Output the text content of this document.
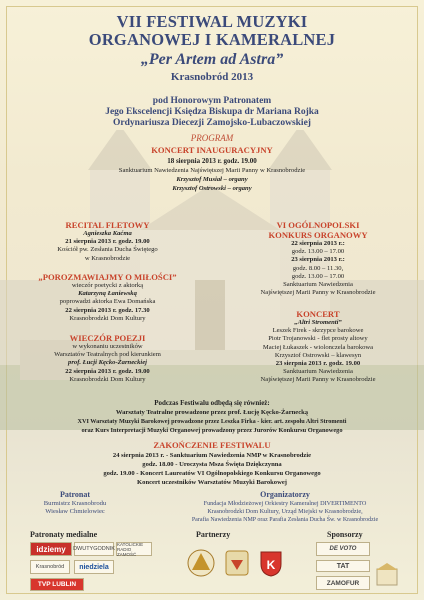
VII FESTIWAL MUZYKI
ORGANOWEJ I KAMERALNEJ
„Per Artem ad Astra”
Krasnobród 2013
pod Honorowym Patronatem
Jego Ekscelencji Księdza Biskupa dr Mariana Rojka
Ordynariusza Diecezji Zamojsko-Lubaczowskiej
PROGRAM
KONCERT INAUGURACYJNY
18 sierpnia 2013 r. godz. 19.00
Sanktuarium Nawiedzenia Najświętszej Marii Panny w Krasnobrodzie
Krzysztof Musiał – organy
Krzysztof Ostrowski – organy
RECITAL FLETOWY
Agnieszka Kaćma
21 sierpnia 2013 r. godz. 19.00
Kościół pw. Zesłania Ducha Świętego
w Krasnobrodzie
„POROZMAWIAJMY O MIŁOŚCI”
wieczór poetycki z aktorką
Katarzyną Łaniewską
poprowadzi aktorka Ewa Domańska
22 sierpnia 2013 r. godz. 17.30
Krasnobrodzki Dom Kultury
WIECZÓR POEZJI
w wykonaniu uczestników
Warsztatów Teatralnych pod kierunkiem
prof. Łucji Kęcko-Żarneckiej
22 sierpnia 2013 r. godz. 19.00
Krasnobrodzki Dom Kultury
VI OGÓLNOPOLSKI
KONKURS ORGANOWY
22 sierpnia 2013 r.:
godz. 13.00 – 17.00
23 sierpnia 2013 r.:
godz. 8.00 – 11.30,
godz. 13.00 – 17.00
Sanktuarium Nawiedzenia
Najświętszej Marii Panny w Krasnobrodzie
KONCERT
„Altri Stromenti”
Leszek Firek - skrzypce barokowe
Piotr Trojanowski - flet prosty altowy
Maciej Łukaszek - wiolonczela barokowa
Krzysztof Ostrowski – klawesyn
23 sierpnia 2013 r. godz. 19.00
Sanktuarium Nawiedzenia
Najświętszej Marii Panny w Krasnobrodzie
Podczas Festiwalu odbędą się również:
Warsztaty Teatralne prowadzone przez prof. Łucję Kęcko-Żarnecką
XVI Warsztaty Muzyki Barokowej prowadzone przez Leszka Firka - kier. art. zespołu Altri Stromenti
oraz Kurs Interpretacji Muzyki Organowej prowadzony przez Jurorów Konkursu Organowego
ZAKOŃCZENIE FESTIWALU
24 sierpnia 2013 r. - Sanktuarium Nawiedzenia NMP w Krasnobrodzie
godz. 18.00 - Uroczysta Msza Święta Dziękczynna
godz. 19.00 - Koncert Laureatów VI Ogólnopolskiego Konkursu Organowego
Koncert uczestników Warsztatów Muzyki Barokowej
Patronat
Burmistrz Krasnobrodu
Wiesław Chmielowiec
Organizatorzy
Fundacja Młodzieżowej Orkiestry Kameralnej DIVERTIMENTO
Krasnobrodzki Dom Kultury, Urząd Miejski w Krasnobrodzie,
Parafia Nawiedzenia NMP oraz Parafia Zesłania Ducha Św. w Krasnobrodzie
Patronaty medialne	Partnerzy	Sponsorzy
idziemy	DWUTYGODNIK
KATOLICKIE RADIO ZAMOŚĆ
Krasnobród	niedziela
TVP LUBLIN
K
DE VOTO
TAT
ZAMOFUR
